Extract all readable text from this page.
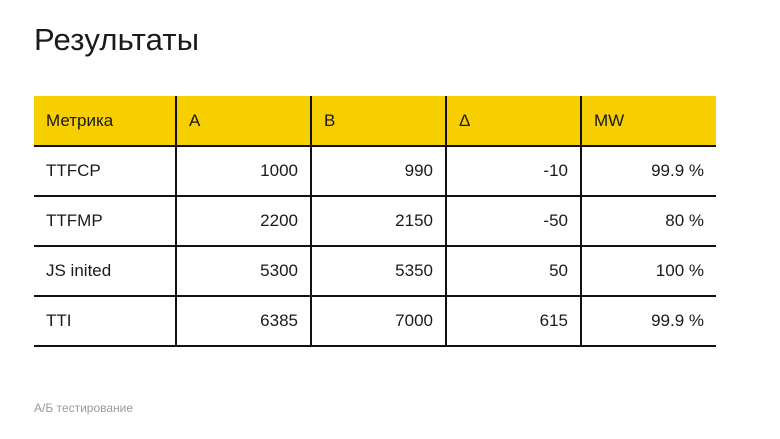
Результаты
Метрика	A	B	Δ	MW
TTFCP	1000	990	-10	99.9 %
TTFMP	2200	2150	-50	80 %
JS inited	5300	5350	50	100 %
TTI	6385	7000	615	99.9 %
А/Б тестирование
